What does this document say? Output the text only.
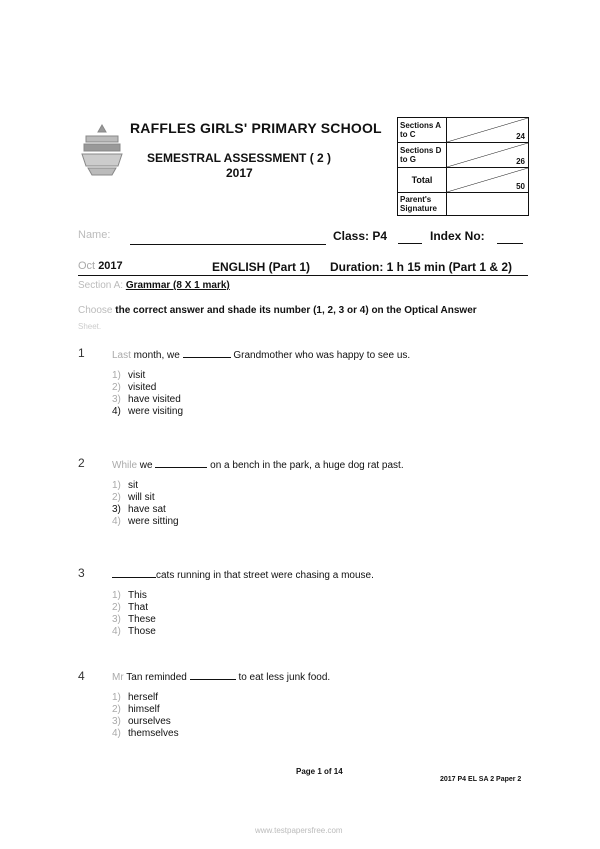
RAFFLES GIRLS' PRIMARY SCHOOL
SEMESTRAL ASSESSMENT ( 2 )
2017
Sections A to C	24

Sections D to G	26

Total	50

Parent's Signature	
Name:	Class: P4	Index No:
Oct 2017	ENGLISH (Part 1) Duration: 1 h 15 min (Part 1 & 2)
Section A: Grammar (8 X 1 mark)
Choose the correct answer and shade its number (1, 2, 3 or 4) on the Optical Answer
Sheet.
1	Last month, we	Grandmother who was happy to see us.
1) visit
2) visited
3) have visited
4) were visiting
2	While we	on a bench in the park, a huge dog rat past.
1) sit
2) will sit
3) have sat
4) were sitting
3	cats running in that street were chasing a mouse.
1) This
2) That
3) These
4) Those
4	Mr Tan reminded	to eat less junk food.
1) herself
2) himself
3) ourselves
4) themselves
Page 1 of 14
2017 P4 EL SA 2 Paper 2
www.testpapersfree.com
